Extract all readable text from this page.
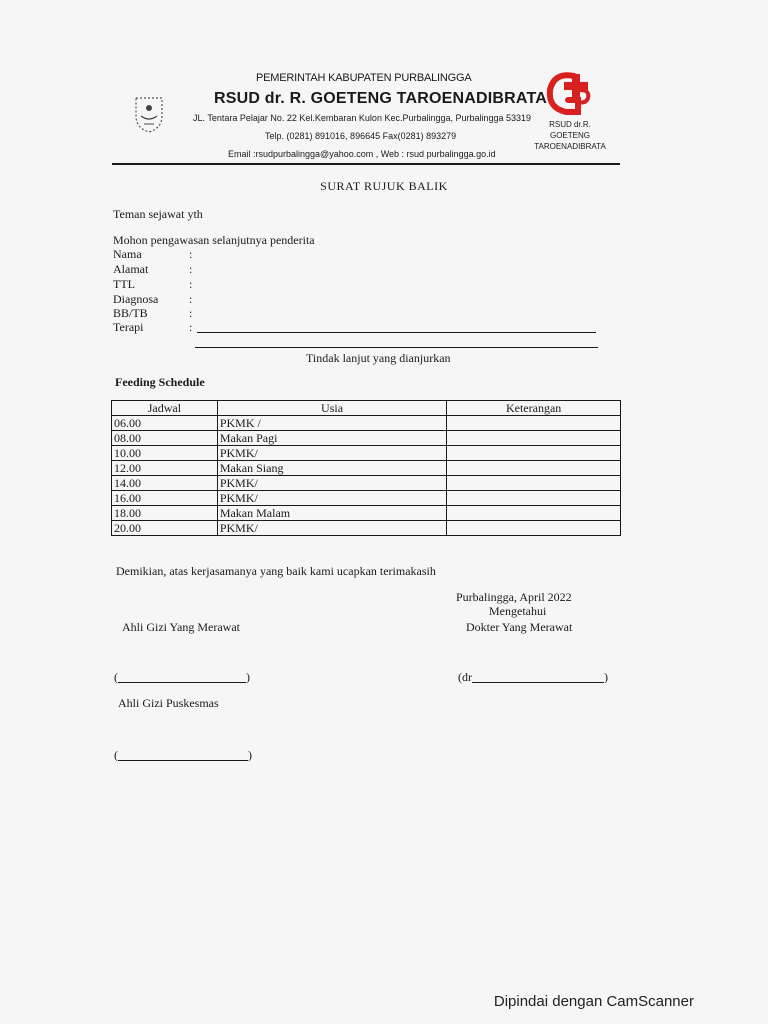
PEMERINTAH KABUPATEN PURBALINGGA
RSUD dr. R. GOETENG TAROENADIBRATA
JL. Tentara Pelajar No. 22 Kel.Kembaran Kulon Kec.Purbalingga, Purbalingga 53319
Telp. (0281) 891016, 896645 Fax(0281) 893279
Email :rsudpurbalingga@yahoo.com , Web : rsud purbalingga.go.id
RSUD dr.R. GOETENG
TAROENADIBRATA
SURAT RUJUK BALIK
Teman sejawat yth
Mohon pengawasan selanjutnya penderita
Nama	:
Alamat	:
TTL	:
Diagnosa	:
BB/TB	:
Terapi	:
Tindak lanjut yang dianjurkan
Feeding Schedule
Jadwal	Usia	Keterangan
06.00	PKMK /	
08.00	Makan Pagi	
10.00	PKMK/	
12.00	Makan Siang	
14.00	PKMK/	
16.00	PKMK/	
18.00	Makan Malam	
20.00	PKMK/	
Demikian, atas kerjasamanya yang baik kami ucapkan terimakasih
Purbalingga, April 2022
Mengetahui
Dokter Yang Merawat
Ahli Gizi Yang Merawat
(	)	(dr	)
Ahli Gizi Puskesmas
(	)
Dipindai dengan CamScanner
